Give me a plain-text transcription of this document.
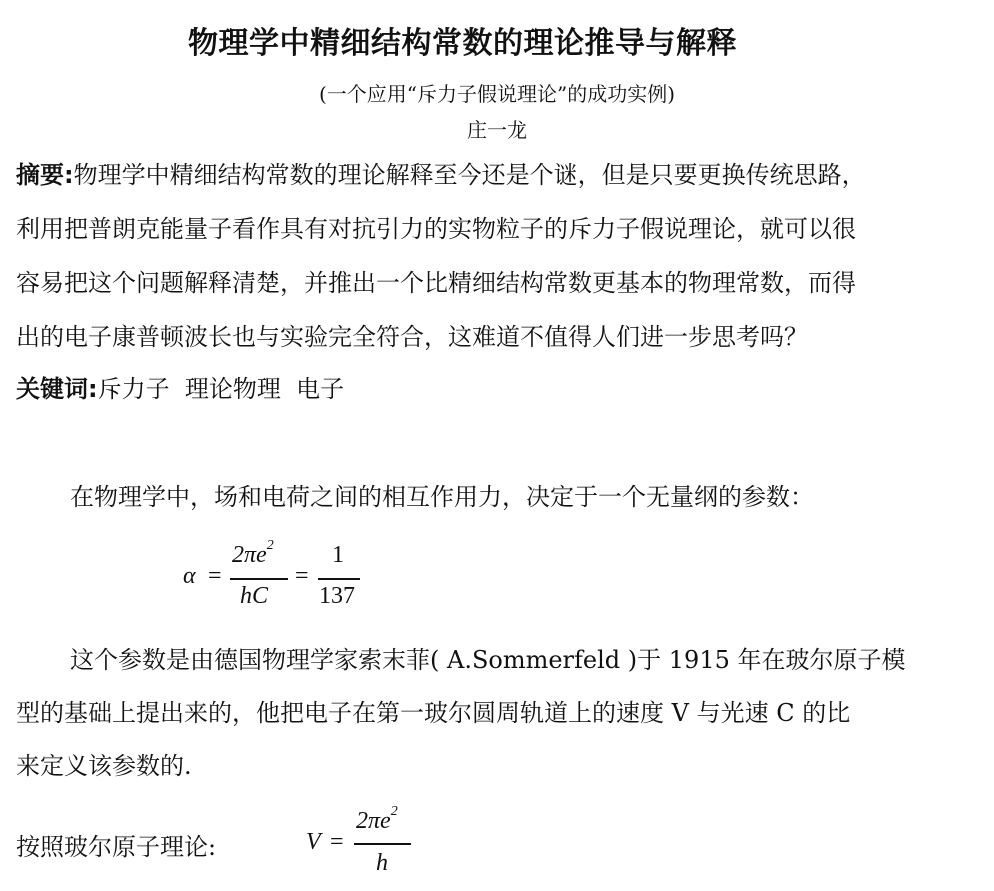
物理学中精细结构常数的理论推导与解释
(一个应用“斥力子假说理论”的成功实例)
庄一龙
摘要:物理学中精细结构常数的理论解释至今还是个谜，但是只要更换传统思路，
利用把普朗克能量子看作具有对抗引力的实物粒子的斥力子假说理论，就可以很
容易把这个问题解释清楚，并推出一个比精细结构常数更基本的物理常数，而得
出的电子康普顿波长也与实验完全符合，这难道不值得人们进一步思考吗？
关键词:斥力子  理论物理  电子
在物理学中，场和电荷之间的相互作用力，决定于一个无量纲的参数：
α =
$2\pi e^2$
hC
=
1
137
这个参数是由德国物理学家索末菲( A.Sommerfeld )于 1915 年在玻尔原子模
型的基础上提出来的，他把电子在第一玻尔圆周轨道上的速度 V 与光速 C 的比
来定义该参数的.
按照玻尔原子理论:	V =
$2\pi e^2$
h
